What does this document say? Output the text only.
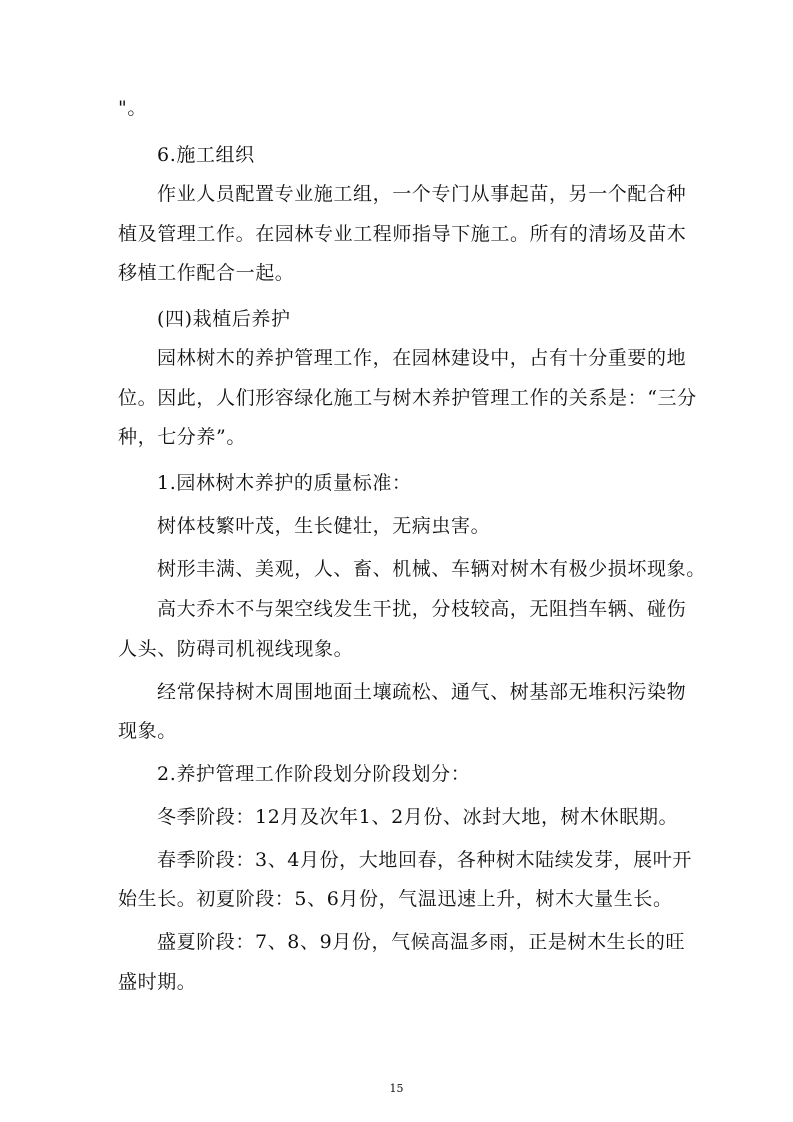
"。
6.施工组织
作业人员配置专业施工组，一个专门从事起苗，另一个配合种
植及管理工作。在园林专业工程师指导下施工。所有的清场及苗木
移植工作配合一起。
(四)栽植后养护
园林树木的养护管理工作，在园林建设中，占有十分重要的地
位。因此，人们形容绿化施工与树木养护管理工作的关系是：“三分
种，七分养”。
1.园林树木养护的质量标准：
树体枝繁叶茂，生长健壮，无病虫害。
树形丰满、美观，人、畜、机械、车辆对树木有极少损坏现象。
高大乔木不与架空线发生干扰，分枝较高，无阻挡车辆、碰伤
人头、防碍司机视线现象。
经常保持树木周围地面土壤疏松、通气、树基部无堆积污染物
现象。
2.养护管理工作阶段划分阶段划分：
冬季阶段：12月及次年1、2月份、冰封大地，树木休眠期。
春季阶段：3、4月份，大地回春，各种树木陆续发芽，展叶开
始生长。初夏阶段：5、6月份，气温迅速上升，树木大量生长。
盛夏阶段：7、8、9月份，气候高温多雨，正是树木生长的旺
盛时期。
15
